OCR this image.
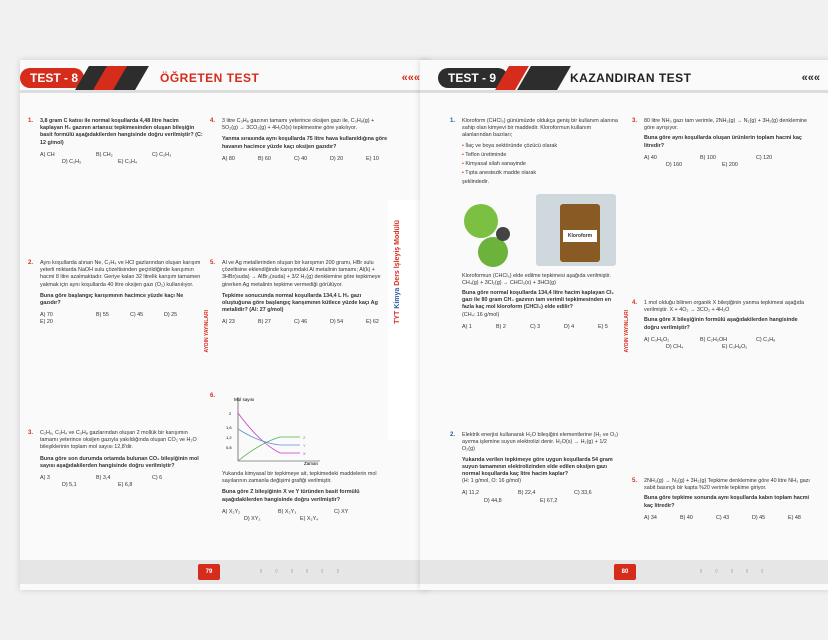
TEST - 8	ÖĞRETEN TEST	«««
1. 3,8 gram C katısı ile normal koşullarda 4,48 litre hacim kaplayan H₂ gazının artansız tepkimesinden oluşan bileşiğin basit formülü aşağıdakilerden hangisinde doğru verilmiştir? (C: 12 g/mol)
A) CH	B) CH₂	C) C₂H₃
D) C₂H₅	E) C₃H₄
2. Aynı koşullarda alınan Ne, C₃H₄ ve HCl gazlarından oluşan karışım yeterli miktarda NaOH sulu çözeltisinden geçirildiğinde karışımın hacmi 8 litre azalmaktadır. Geriye kalan 32 litrelik karışım tamamen yakmak için aynı koşullarda 40 litre oksijen gazı (O₂) kullanılıyor.
Buna göre başlangıç karışımının hacimce yüzde kaçı Ne gazıdır?
A) 70	B) 55	C) 45	D) 25
E) 20
3. C₂H₆, C₂H₄ ve C₃H₈ gazlarından oluşan 2 mollük bir karışımın tamamı yeterince oksijen gazıyla yakıldığında oluşan CO₂ ve H₂O bileşiklerinin toplam mol sayısı 12,8'dir.
Buna göre son durumda ortamda bulunan CO₂ bileşiğinin mol sayısı aşağıdakilerden hangisinde doğru verilmiştir?
A) 3	B) 3,4	C) 6
D) 5,1	E) 6,8
AYDIN YAYINLARI
4. 3 litre C₃H₈ gazının tamamı yeterince oksijen gazı ile, C₃H₈(g) + 5O₂(g) → 3CO₂(g) + 4H₂O(s) tepkimesine göre yakılıyor.
Yanma sırasında aynı koşullarda 75 litre hava kullanıldığına göre havanın hacimce yüzde kaçı oksijen gazıdır?
A) 80	B) 60	C) 40	D) 20	E) 10
5. Al ve Ag metallerinden oluşan bir karışımın 200 gramı, HBr sulu çözeltisine eklendiğinde karışımdaki Al metalinin tamamı; Al(k) + 3HBr(suda) → AlBr₃(suda) + 3/2 H₂(g) denklemine göre tepkimeye girerken Ag metalinin tepkime vermediği görülüyor.
Tepkime sonucunda normal koşullarda 134,4 L H₂ gazı oluştuğuna göre başlangıç karışımının kütlece yüzde kaçı Ag metalidir? (Al: 27 g/mol)
A) 23	B) 27	C) 46	D) 54	E) 62
6.
Mol sayısı
Zaman
2
1,6
1,2
0,8
Z
Y
X
Yukarıda kimyasal bir tepkimeye ait, tepkimedeki maddelerin mol sayılarının zamanla değişimi grafiği verilmiştir.
Buna göre Z bileşiğinin X ve Y türünden basit formülü aşağıdakilerden hangisinde doğru verilmiştir?
A) X₂Y₂	B) X₂Y₃	C) XY
D) XY₂	E) X₂Y₄
79	▯ ▯ ▯ ▯ ▯ ▯
TYT Kimya Ders İşleyiş Modülü
TEST - 9	KAZANDIRAN TEST	«««
1. Kloroform (CHCl₃) günümüzde oldukça geniş bir kullanım alanına sahip olan kimyevi bir maddedir. Kloroformun kullanım alanlarından bazıları;
• İlaç ve boya sektöründe çözücü olarak
• Teflon üretiminde
• Kimyasal silah sanayinde
• Tıpta anestezik madde olarak
şeklindedir.
Kloroform
Kloroformun (CHCl₃) elde edilme tepkimesi aşağıda verilmiştir. CH₄(g) + 3Cl₂(g) → CHCl₃(s) + 3HCl(g)
Buna göre normal koşullarda 134,4 litre hacim kaplayan Cl₂ gazı ile 80 gram CH₄ gazının tam verimli tepkimesinden en fazla kaç mol kloroform (CHCl₃) elde edilir?
(CH₄: 16 g/mol)
A) 1	B) 2	C) 3	D) 4	E) 5
2. Elektrik enerjisi kullanarak H₂O bileşiğini elementlerine (H₂ ve O₂) ayırma işlemine suyun elektrolizi denir. H₂O(s) → H₂(g) + 1/2 O₂(g)
Yukarıda verilen tepkimeye göre uygun koşullarda 54 gram suyun tamamının elektrolizinden elde edilen oksijen gazı normal koşullarda kaç litre hacim kaplar?
(H: 1 g/mol, O: 16 g/mol)
A) 11,2	B) 22,4	C) 33,6
D) 44,8	E) 67,2
AYDIN YAYINLARI
3. 80 litre NH₃ gazı tam verimle, 2NH₃(g) → N₂(g) + 3H₂(g) denklemine göre ayrışıyor.
Buna göre aynı koşullarda oluşan ürünlerin toplam hacmi kaç litredir?
A) 40	B) 100	C) 120
D) 160	E) 200
4. 1 mol olduğu bilinen organik X bileşiğinin yanma tepkimesi aşağıda verilmiştir. X + 4O₂ → 3CO₂ + 4H₂O
Buna göre X bileşiğinin formülü aşağıdakilerden hangisinde doğru verilmiştir?
A) C₃H₆O₂	B) C₂H₅OH	C) C₃H₈
D) CH₄	E) C₃H₈O₂
5. 2NH₃(g) → N₂(g) + 3H₂(g) Tepkime denklemine göre 40 litre NH₃ gazı sabit basınçlı bir kapta %20 verimle tepkime giriyor.
Buna göre tepkime sonunda aynı koşullarda kabın toplam hacmi kaç litredir?
A) 34	B) 40	C) 43	D) 45	E) 48
80	▯ ▯ ▯ ▯ ▯
